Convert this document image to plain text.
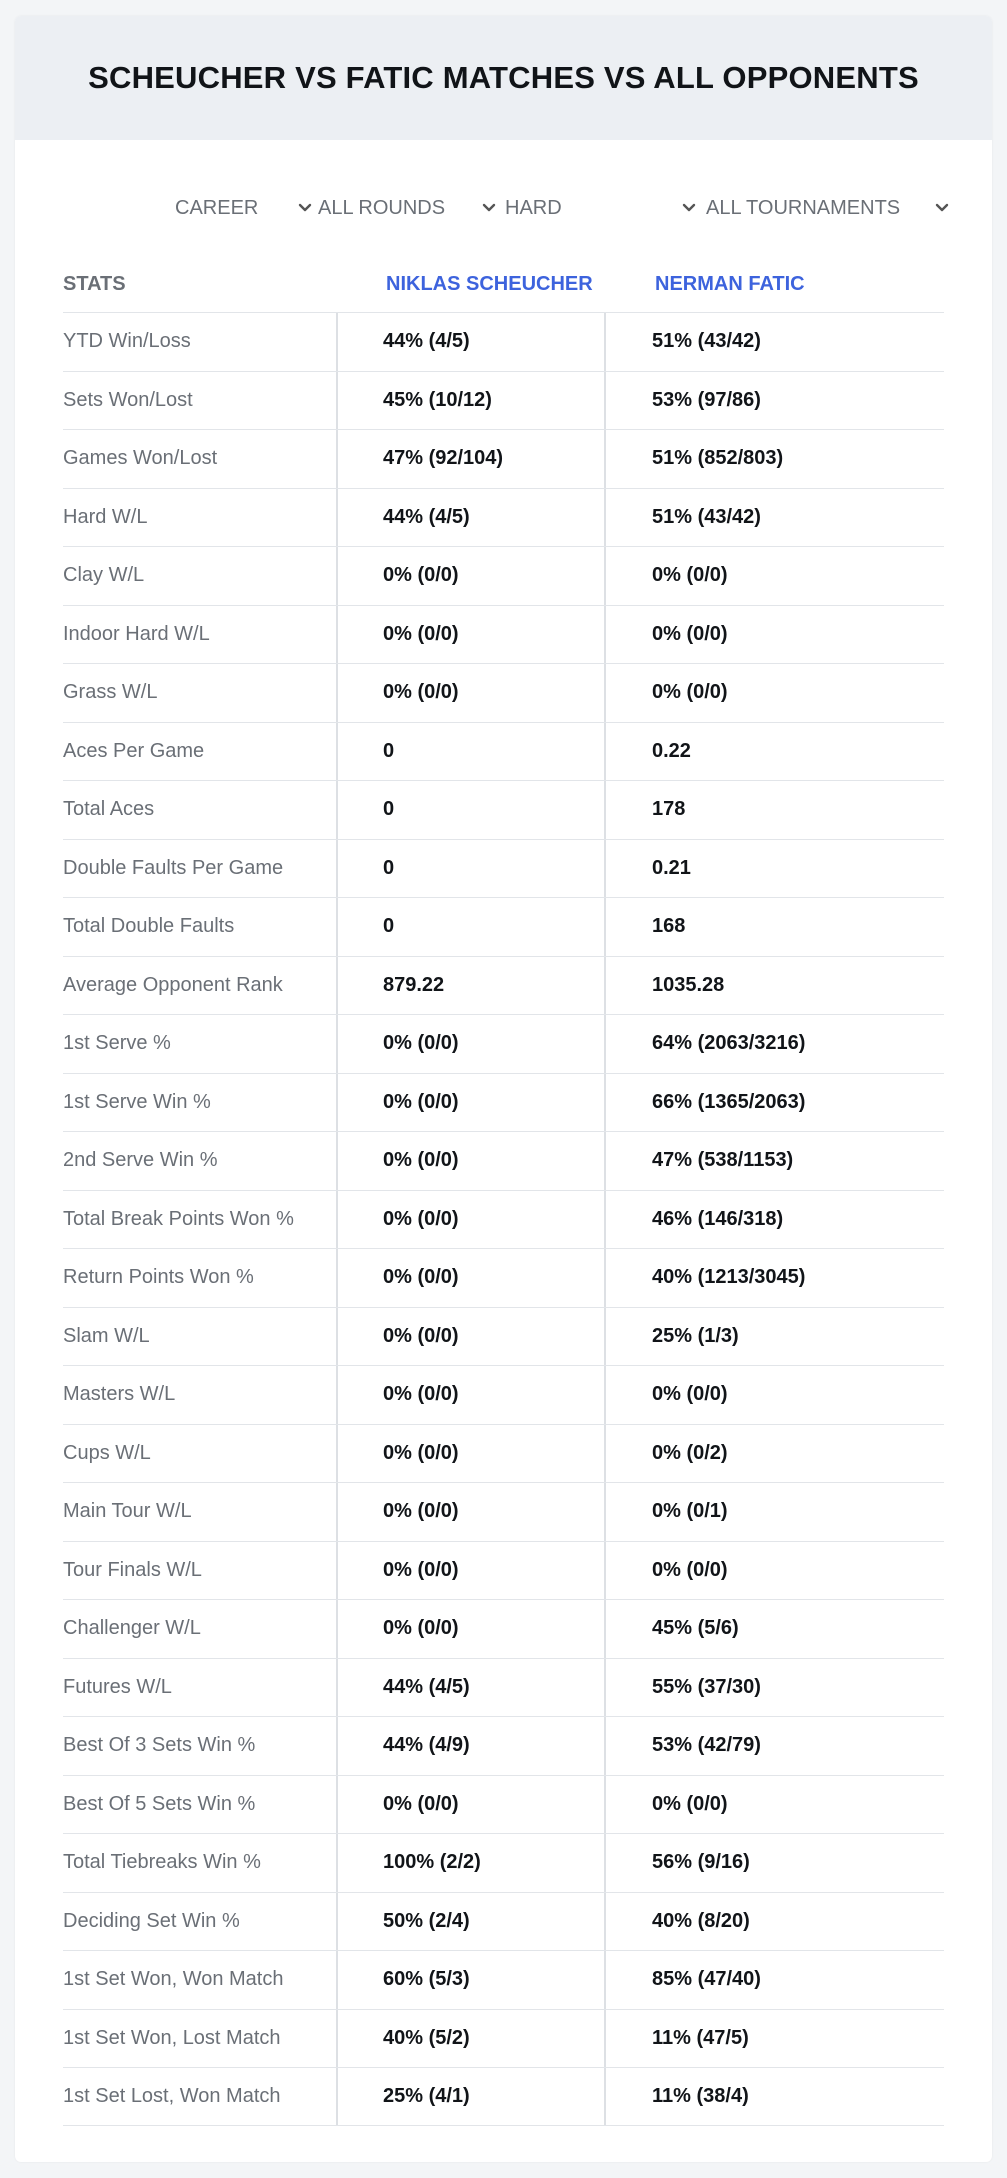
SCHEUCHER VS FATIC MATCHES VS ALL OPPONENTS
CAREER	ALL ROUNDS	HARD	ALL TOURNAMENTS
STATS	NIKLAS SCHEUCHER	NERMAN FATIC
YTD Win/Loss	44% (4/5)	51% (43/42)
Sets Won/Lost	45% (10/12)	53% (97/86)
Games Won/Lost	47% (92/104)	51% (852/803)
Hard W/L	44% (4/5)	51% (43/42)
Clay W/L	0% (0/0)	0% (0/0)
Indoor Hard W/L	0% (0/0)	0% (0/0)
Grass W/L	0% (0/0)	0% (0/0)
Aces Per Game	0	0.22
Total Aces	0	178
Double Faults Per Game	0	0.21
Total Double Faults	0	168
Average Opponent Rank	879.22	1035.28
1st Serve %	0% (0/0)	64% (2063/3216)
1st Serve Win %	0% (0/0)	66% (1365/2063)
2nd Serve Win %	0% (0/0)	47% (538/1153)
Total Break Points Won %	0% (0/0)	46% (146/318)
Return Points Won %	0% (0/0)	40% (1213/3045)
Slam W/L	0% (0/0)	25% (1/3)
Masters W/L	0% (0/0)	0% (0/0)
Cups W/L	0% (0/0)	0% (0/2)
Main Tour W/L	0% (0/0)	0% (0/1)
Tour Finals W/L	0% (0/0)	0% (0/0)
Challenger W/L	0% (0/0)	45% (5/6)
Futures W/L	44% (4/5)	55% (37/30)
Best Of 3 Sets Win %	44% (4/9)	53% (42/79)
Best Of 5 Sets Win %	0% (0/0)	0% (0/0)
Total Tiebreaks Win %	100% (2/2)	56% (9/16)
Deciding Set Win %	50% (2/4)	40% (8/20)
1st Set Won, Won Match	60% (5/3)	85% (47/40)
1st Set Won, Lost Match	40% (5/2)	11% (47/5)
1st Set Lost, Won Match	25% (4/1)	11% (38/4)
